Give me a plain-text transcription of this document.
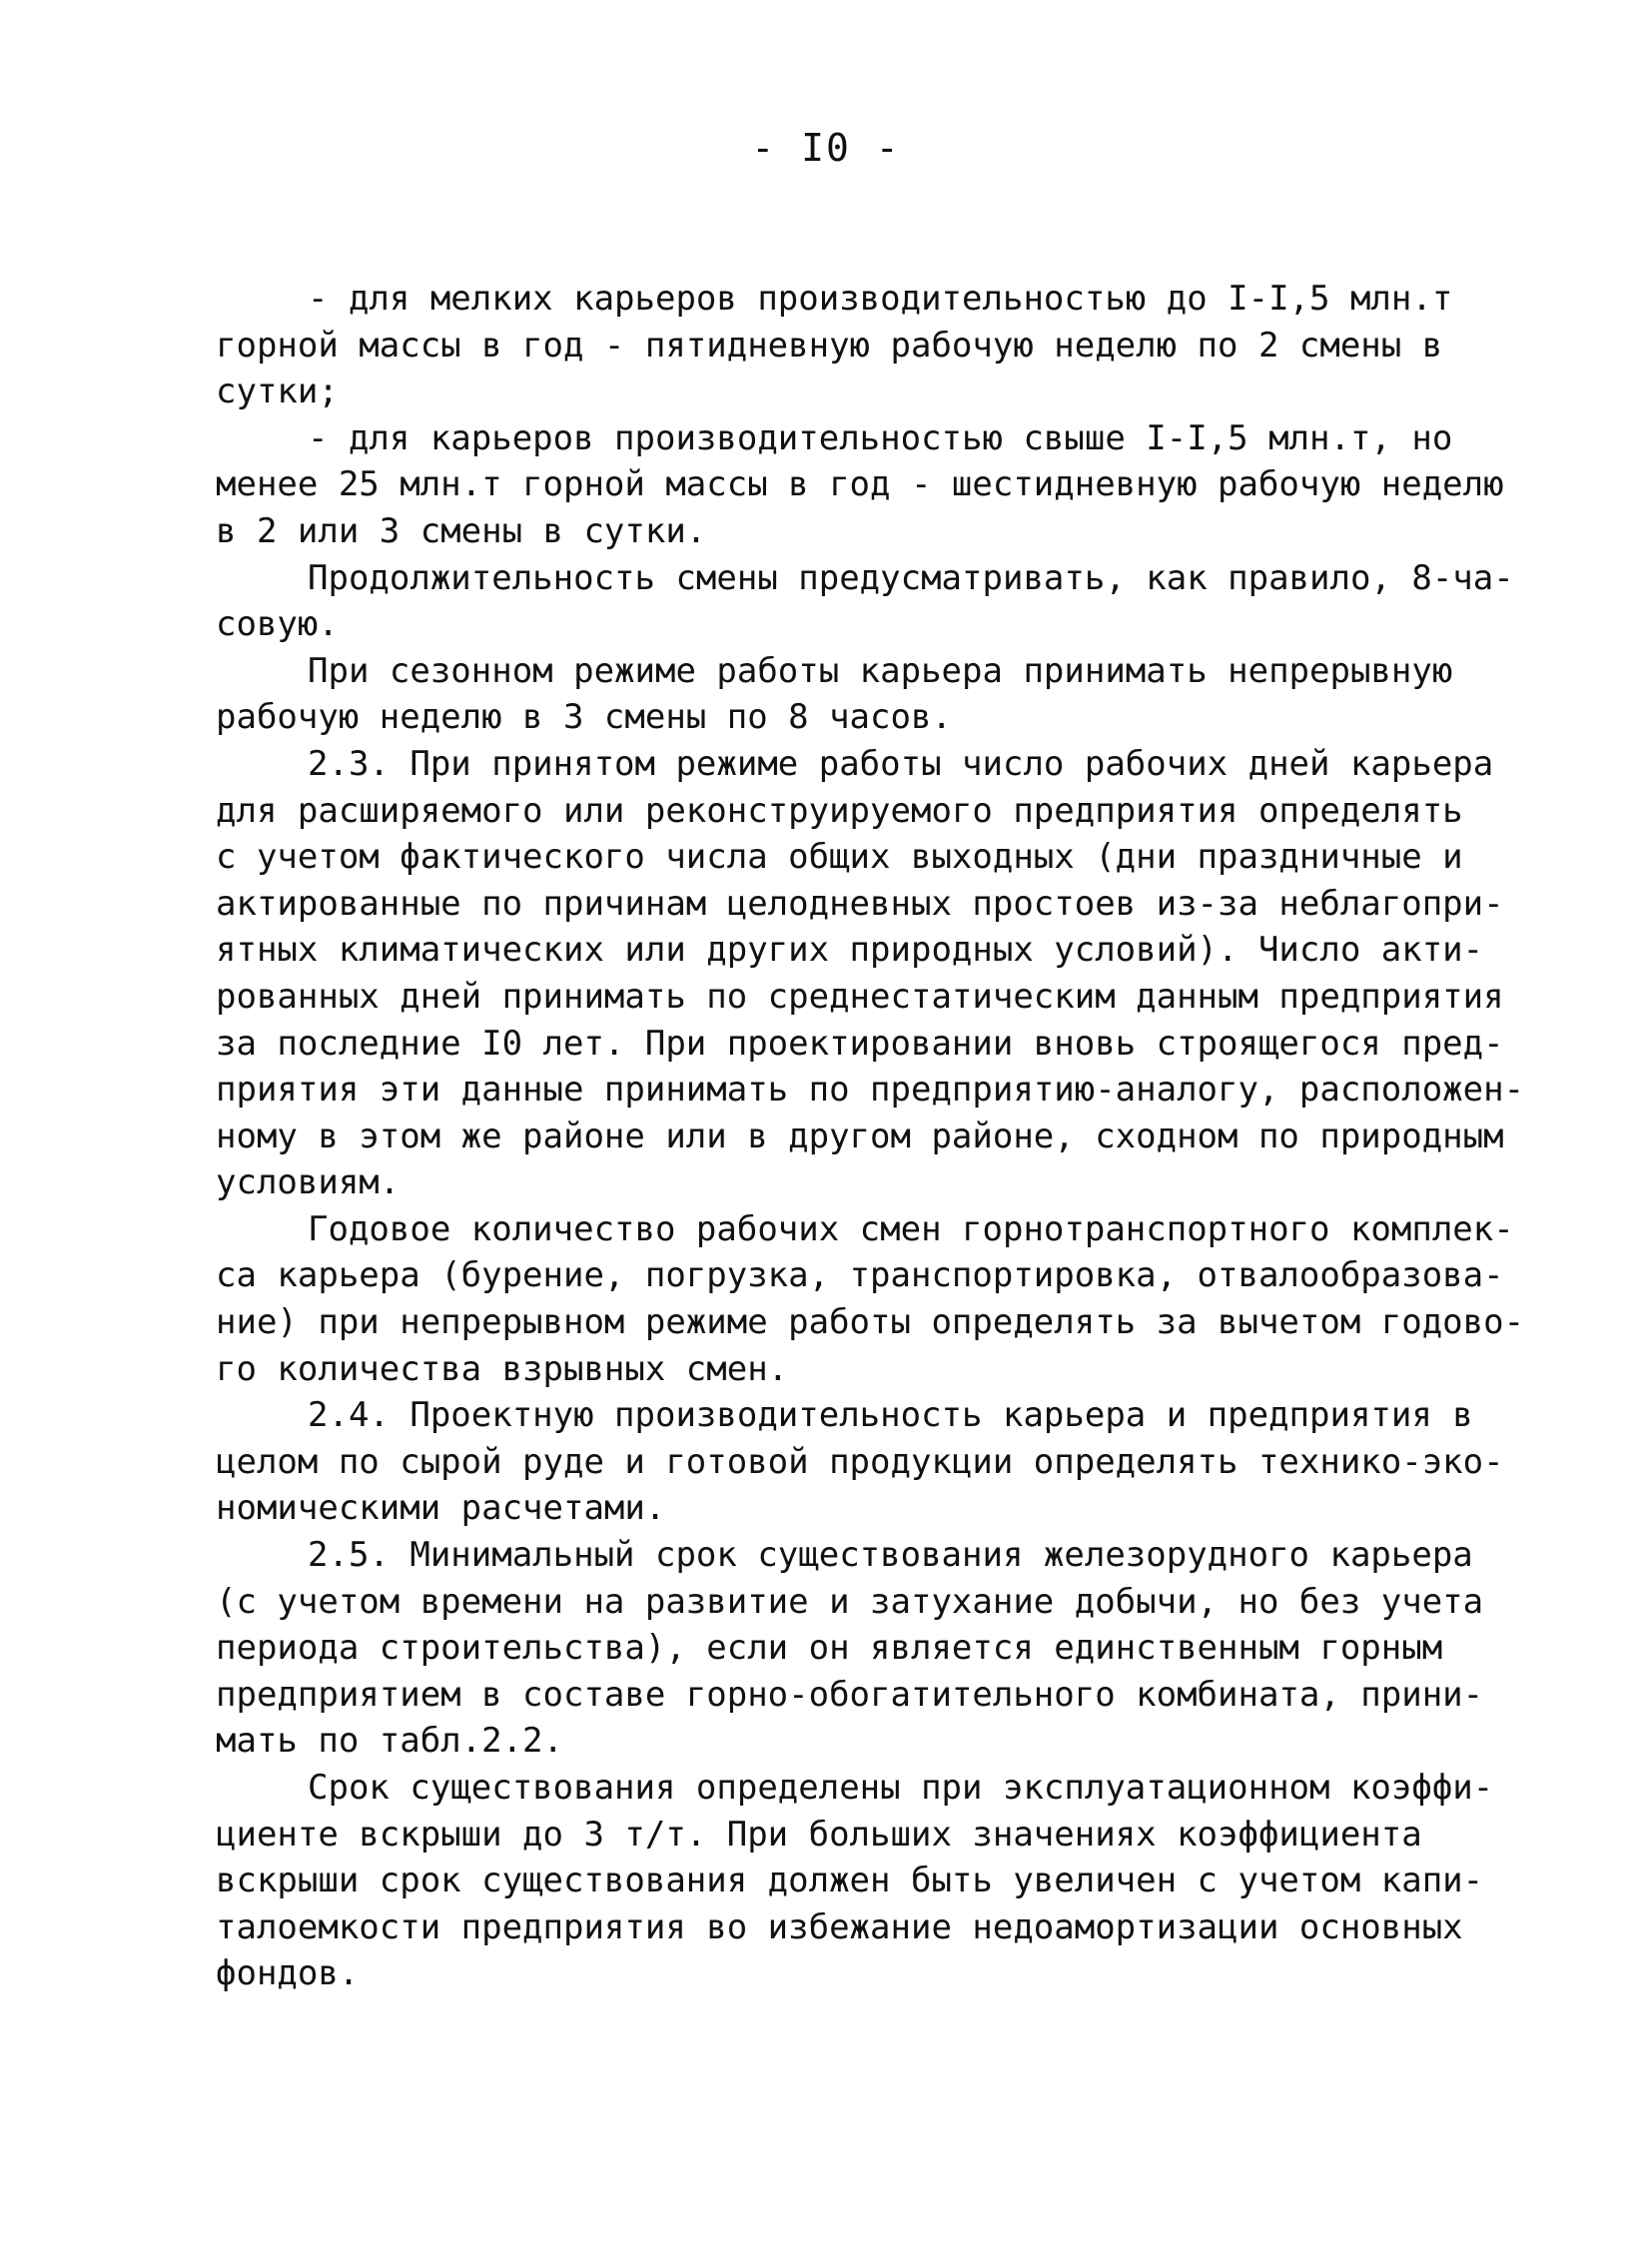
- I0 -
- для мелких карьеров производительностью до I-I,5 млн.т
горной массы в год - пятидневную рабочую неделю по 2 смены в
сутки;
- для карьеров производительностью свыше I-I,5 млн.т, но
менее 25 млн.т горной массы в год - шестидневную рабочую неделю
в 2 или 3 смены в сутки.
Продолжительность смены предусматривать, как правило, 8-ча-
совую.
При сезонном режиме работы карьера принимать непрерывную
рабочую неделю в 3 смены по 8 часов.
2.3. При принятом режиме работы число рабочих дней карьера
для расширяемого или реконструируемого предприятия определять
с учетом фактического числа общих выходных (дни праздничные и
актированные по причинам целодневных простоев из-за неблагопри-
ятных климатических или других природных условий). Число акти-
рованных дней принимать по среднестатическим данным предприятия
за последние I0 лет. При проектировании вновь строящегося пред-
приятия эти данные принимать по предприятию-аналогу, расположен-
ному в этом же районе или в другом районе, сходном по природным
условиям.
Годовое количество рабочих смен горнотранспортного комплек-
са карьера (бурение, погрузка, транспортировка, отвалообразова-
ние) при непрерывном режиме работы определять за вычетом годово-
го количества взрывных смен.
2.4. Проектную производительность карьера и предприятия в
целом по сырой руде и готовой продукции определять технико-эко-
номическими расчетами.
2.5. Минимальный срок существования железорудного карьера
(с учетом времени на развитие и затухание добычи, но без учета
периода строительства), если он является единственным горным
предприятием в составе горно-обогатительного комбината, прини-
мать по табл.2.2.
Срок существования определены при эксплуатационном коэффи-
циенте вскрыши до 3 т/т. При больших значениях коэффициента
вскрыши срок существования должен быть увеличен с учетом капи-
талоемкости предприятия во избежание недоамортизации основных
фондов.
